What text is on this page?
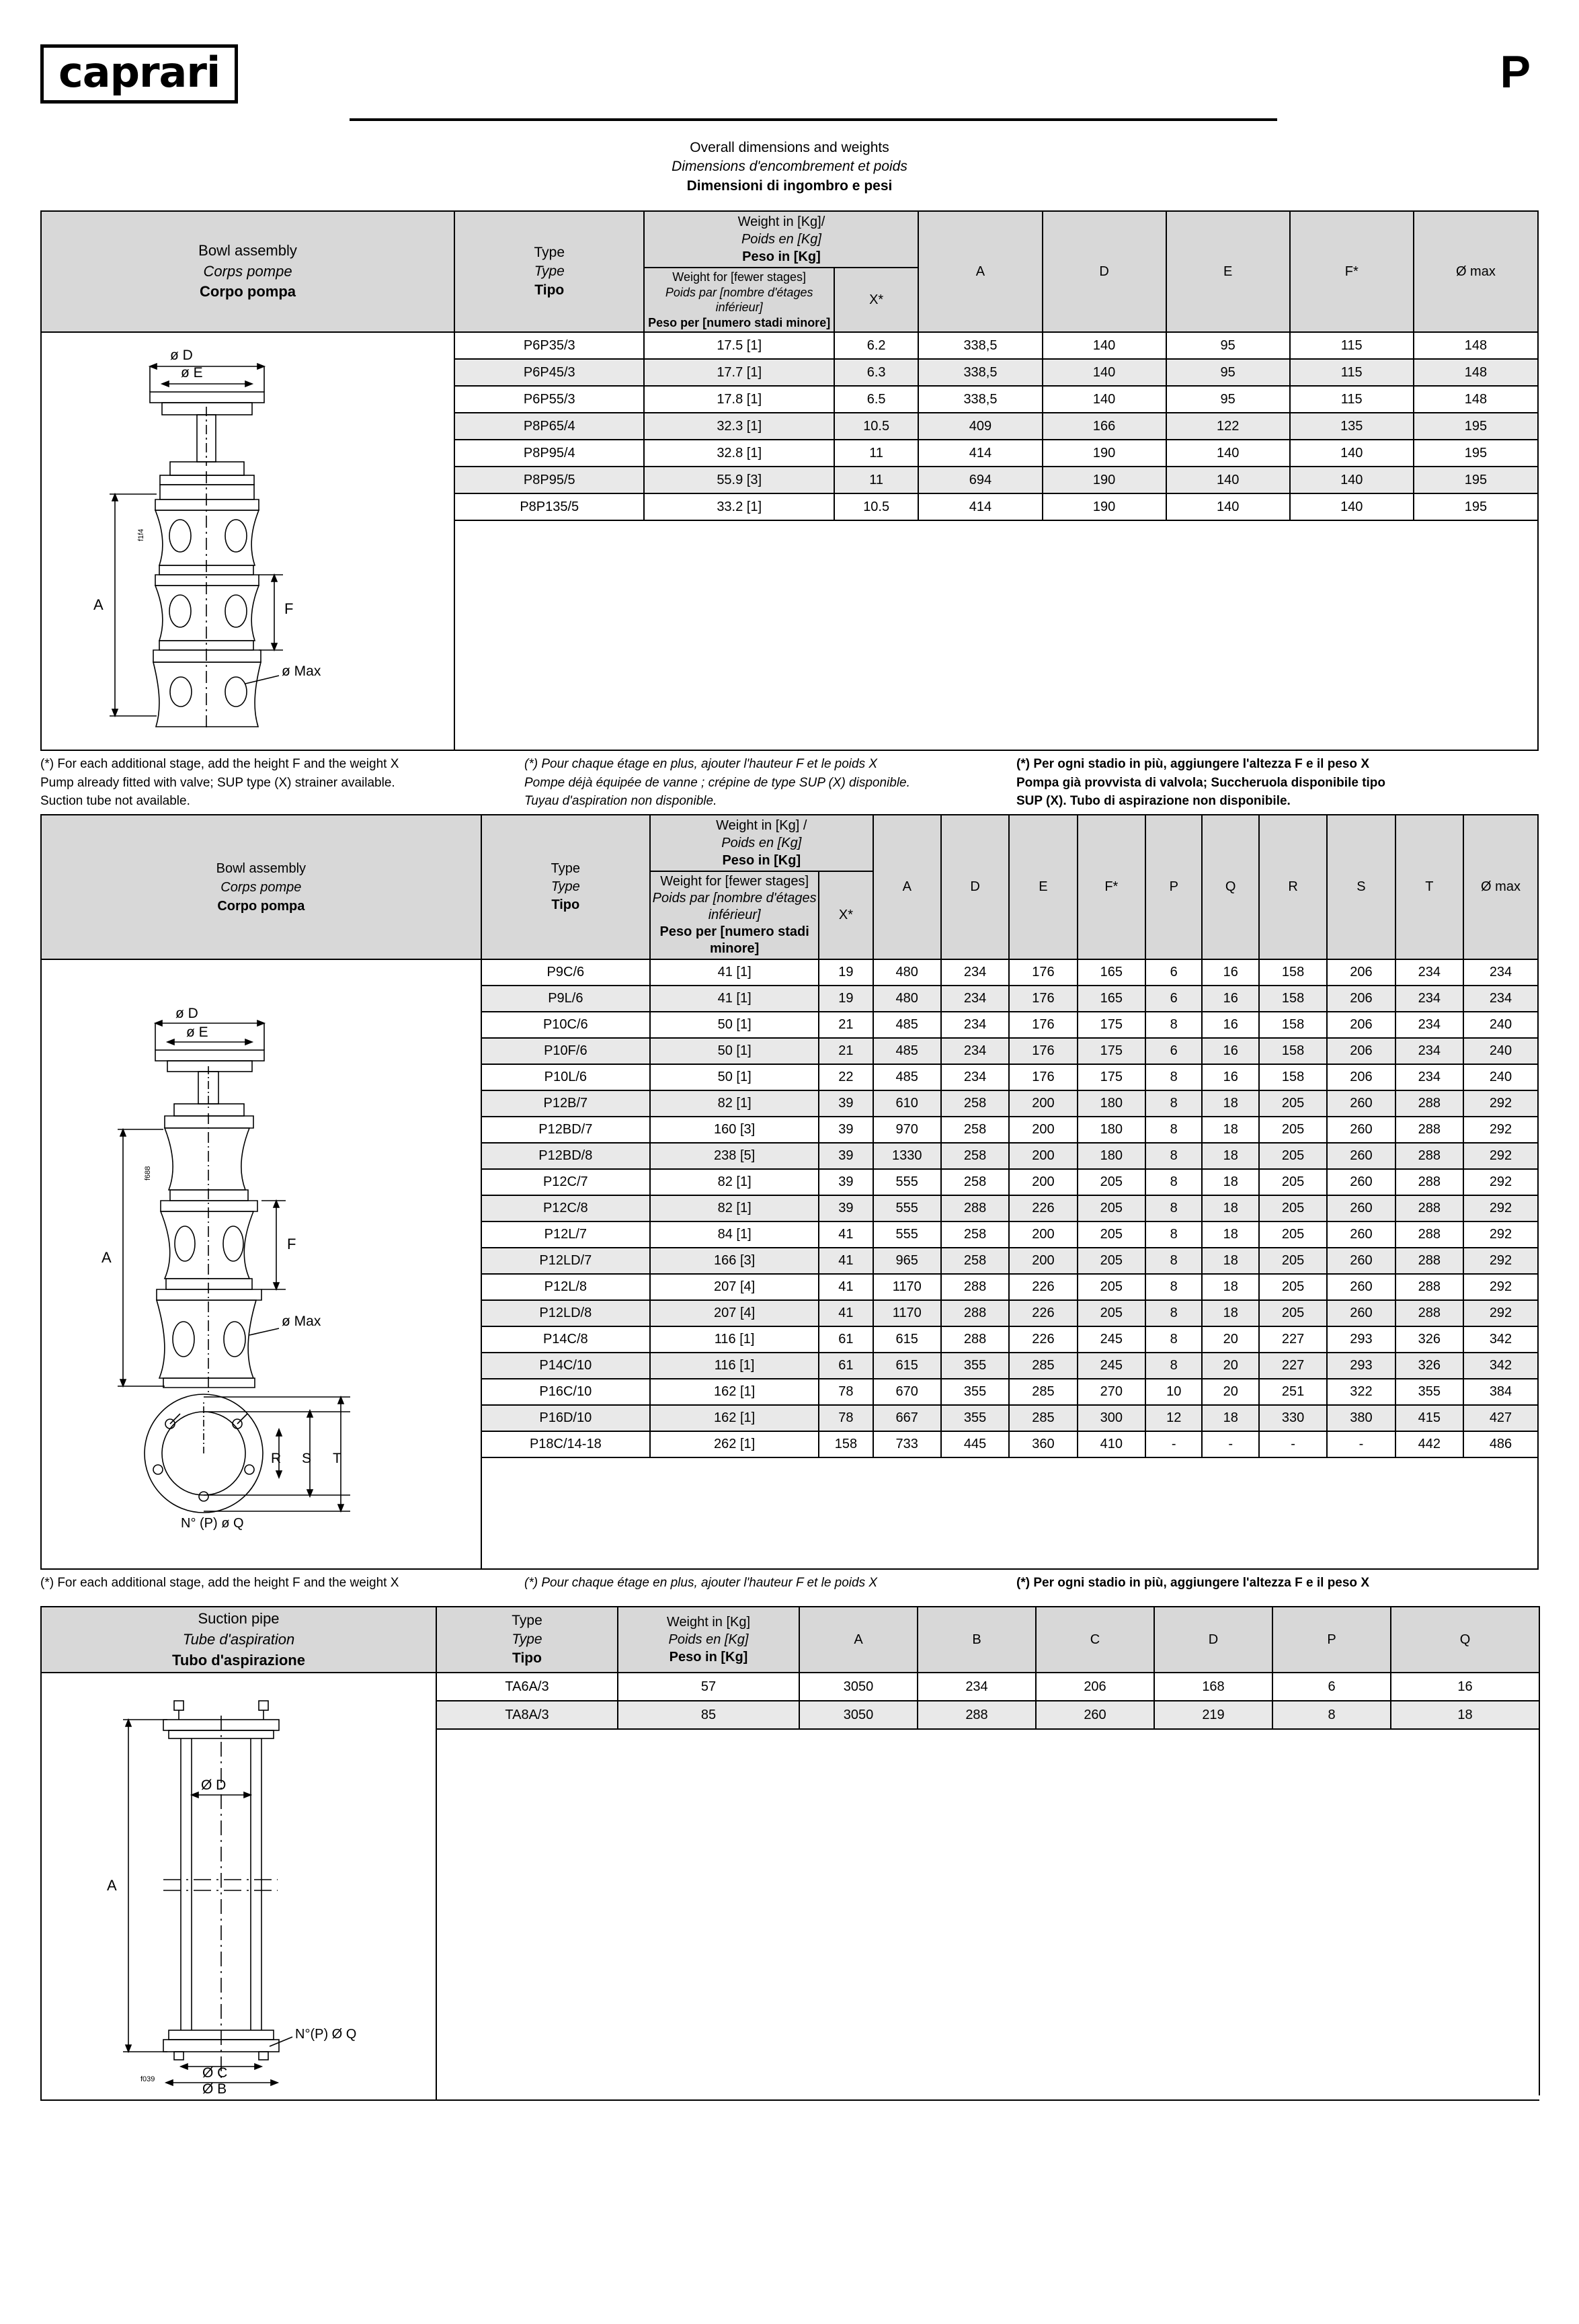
caprari	P
Overall dimensions and weights
Dimensions d'encombrement et poids
Dimensioni di ingombro e pesi
Bowl assembly
Corps pompe
Corpo pompa

Type
Type
Tipo

Weight in [Kg]/
Poids en [Kg]
Peso in [Kg]
	A	D	E	F*	Ø max

		Weight for [fewer stages]
Poids par [nombre d'étages inférieur]
Peso per [numero stadi minore]	X*					

ø D
ø E
A	F
ø Max
f1f4
	P6P35/3	17.5 [1]	6.2	338,5	140	95	115	148
	P6P45/3	17.7 [1]	6.3	338,5	140	95	115	148
	P6P55/3	17.8 [1]	6.5	338,5	140	95	115	148
	P8P65/4	32.3 [1]	10.5	409	166	122	135	195
	P8P95/4	32.8 [1]	11	414	190	140	140	195
	P8P95/5	55.9 [3]	11	694	190	140	140	195
	P8P135/5	33.2 [1]	10.5	414	190	140	140	195

(*) For each additional stage, add the height F and the weight X
Pump already fitted with valve; SUP type (X) strainer available.
Suction tube not available.
(*) Pour chaque étage en plus, ajouter l'hauteur F et le poids X
Pompe déjà équipée de vanne ; crépine de type SUP (X) disponible.
Tuyau d'aspiration non disponible.
(*) Per ogni stadio in più, aggiungere l'altezza F e il peso X
Pompa già provvista di valvola; Succheruola disponibile tipo
SUP (X). Tubo di aspirazione non disponibile.
Bowl assembly
Corps pompe
Corpo pompa

Type
Type
Tipo

Weight in [Kg] /
Poids en [Kg]
Peso in [Kg]
	A	D	E	F*	P	Q	R	S	T	Ø max

		Weight for [fewer stages]
Poids par [nombre d'étages inférieur]
Peso per [numero stadi minore]	X*										

ø D
ø E
A
F
ø Max
R S T
N° (P) ø Q
f688
	P9C/6	41 [1]	19	480	234	176	165	6	16	158	206	234	234
	P9L/6	41 [1]	19	480	234	176	165	6	16	158	206	234	234
	P10C/6	50 [1]	21	485	234	176	175	8	16	158	206	234	240
	P10F/6	50 [1]	21	485	234	176	175	6	16	158	206	234	240
	P10L/6	50 [1]	22	485	234	176	175	8	16	158	206	234	240
	P12B/7	82 [1]	39	610	258	200	180	8	18	205	260	288	292
	P12BD/7	160 [3]	39	970	258	200	180	8	18	205	260	288	292
	P12BD/8	238 [5]	39	1330	258	200	180	8	18	205	260	288	292
	P12C/7	82 [1]	39	555	258	200	205	8	18	205	260	288	292
	P12C/8	82 [1]	39	555	288	226	205	8	18	205	260	288	292
	P12L/7	84 [1]	41	555	258	200	205	8	18	205	260	288	292
	P12LD/7	166 [3]	41	965	258	200	205	8	18	205	260	288	292
	P12L/8	207 [4]	41	1170	288	226	205	8	18	205	260	288	292
	P12LD/8	207 [4]	41	1170	288	226	205	8	18	205	260	288	292
	P14C/8	116 [1]	61	615	288	226	245	8	20	227	293	326	342
	P14C/10	116 [1]	61	615	355	285	245	8	20	227	293	326	342
	P16C/10	162 [1]	78	670	355	285	270	10	20	251	322	355	384
	P16D/10	162 [1]	78	667	355	285	300	12	18	330	380	415	427
	P18C/14-18	262 [1]	158	733	445	360	410	-	-	-	-	442	486

(*) For each additional stage, add the height F and the weight X	(*) Pour chaque étage en plus, ajouter l'hauteur F et le poids X	(*) Per ogni stadio in più, aggiungere l'altezza F e il peso X
Suction pipe
Tube d'aspiration
Tubo d'aspirazione

Type
Type
Tipo

Weight in [Kg]
Poids en [Kg]
Peso in [Kg]
	A	B	C	D	P	Q

Ø D
A
N°(P) Ø Q
Ø C
Ø B
f039
	TA6A/3	57	3050	234	206	168	6	16
	TA8A/3	85	3050	288	260	219	8	18
